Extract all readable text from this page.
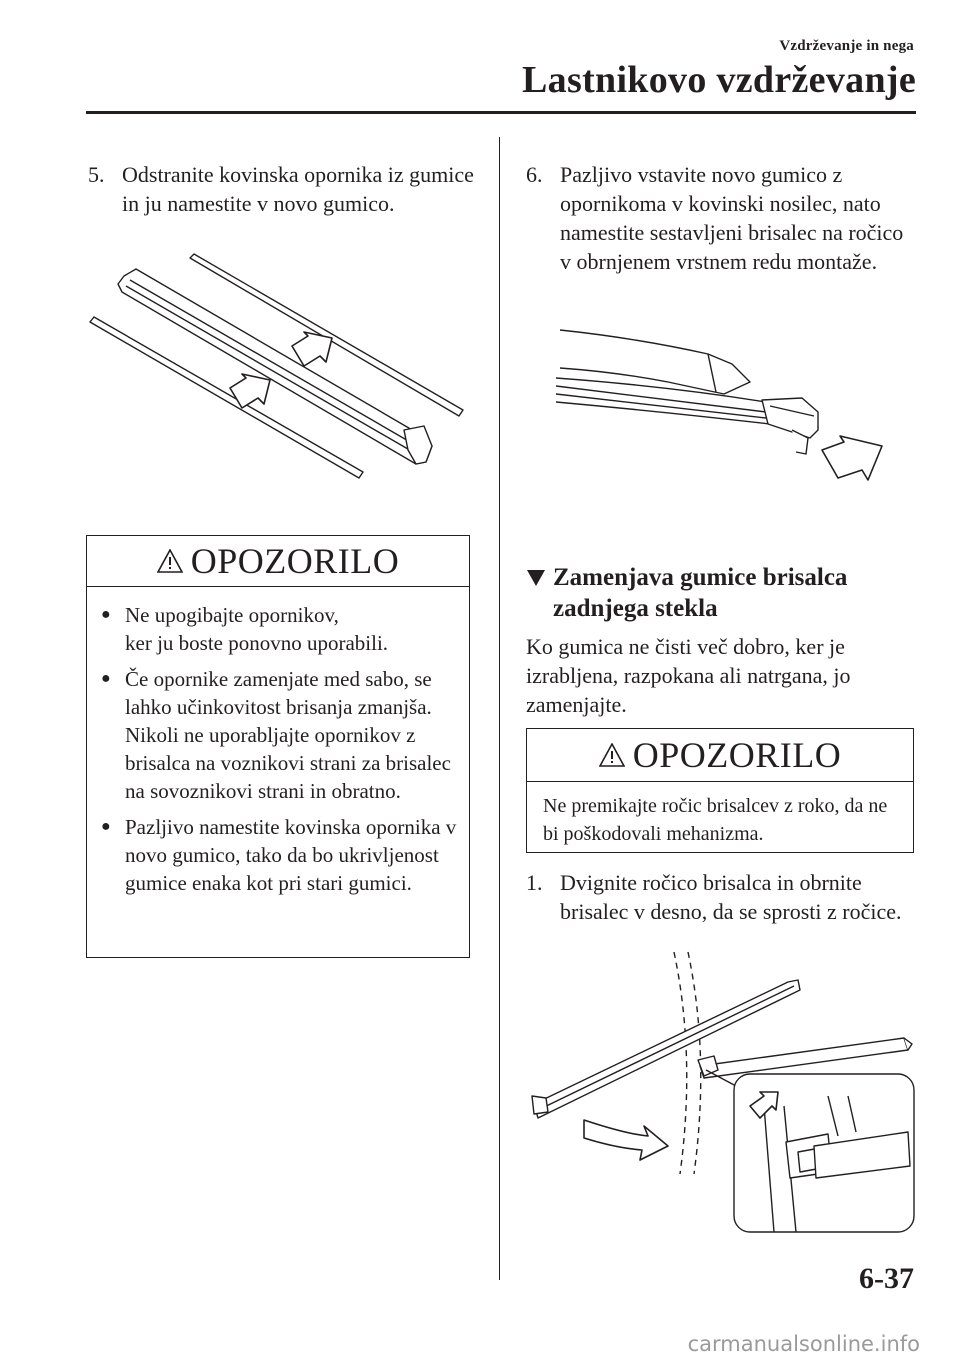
Vzdrževanje in nega
Lastnikovo vzdrževanje
5. Odstranite kovinska opornika iz gumice in ju namestite v novo gumico.
OPOZORILO
● Ne upogibajte opornikov,
ker ju boste ponovno uporabili.
● Če opornike zamenjate med sabo, se lahko učinkovitost brisanja zmanjša.
Nikoli ne uporabljajte opornikov z brisalca na voznikovi strani za brisalec na sovoznikovi strani in obratno.
● Pazljivo namestite kovinska opornika v novo gumico, tako da bo ukrivljenost gumice enaka kot pri stari gumici.
6. Pazljivo vstavite novo gumico z opornikoma v kovinski nosilec, nato namestite sestavljeni brisalec na ročico v obrnjenem vrstnem redu montaže.
Zamenjava gumice brisalca zadnjega stekla
Ko gumica ne čisti več dobro, ker je izrabljena, razpokana ali natrgana, jo zamenjajte.
OPOZORILO
Ne premikajte ročic brisalcev z roko, da ne bi poškodovali mehanizma.
1. Dvignite ročico brisalca in obrnite brisalec v desno, da se sprosti z ročice.
6-37
carmanualsonline.info
